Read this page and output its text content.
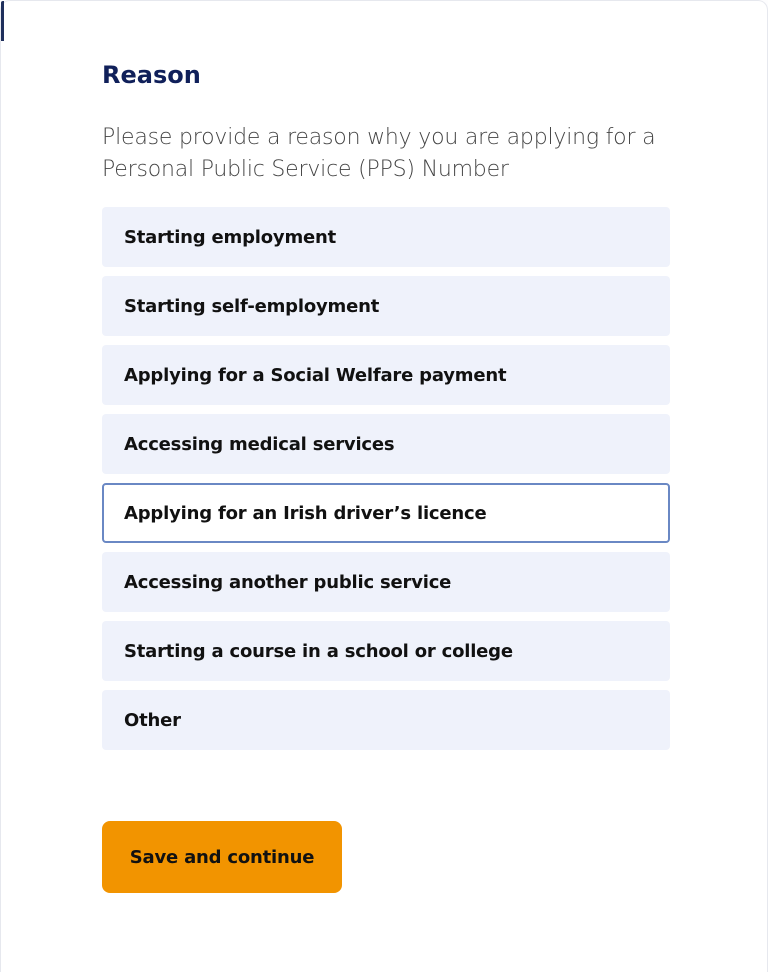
Reason

Please provide a reason why you are applying for a Personal Public Service (PPS) Number

Starting employment
Starting self-employment
Applying for a Social Welfare payment
Accessing medical services
Applying for an Irish driver’s licence
Accessing another public service
Starting a course in a school or college
Other
Save and continue
